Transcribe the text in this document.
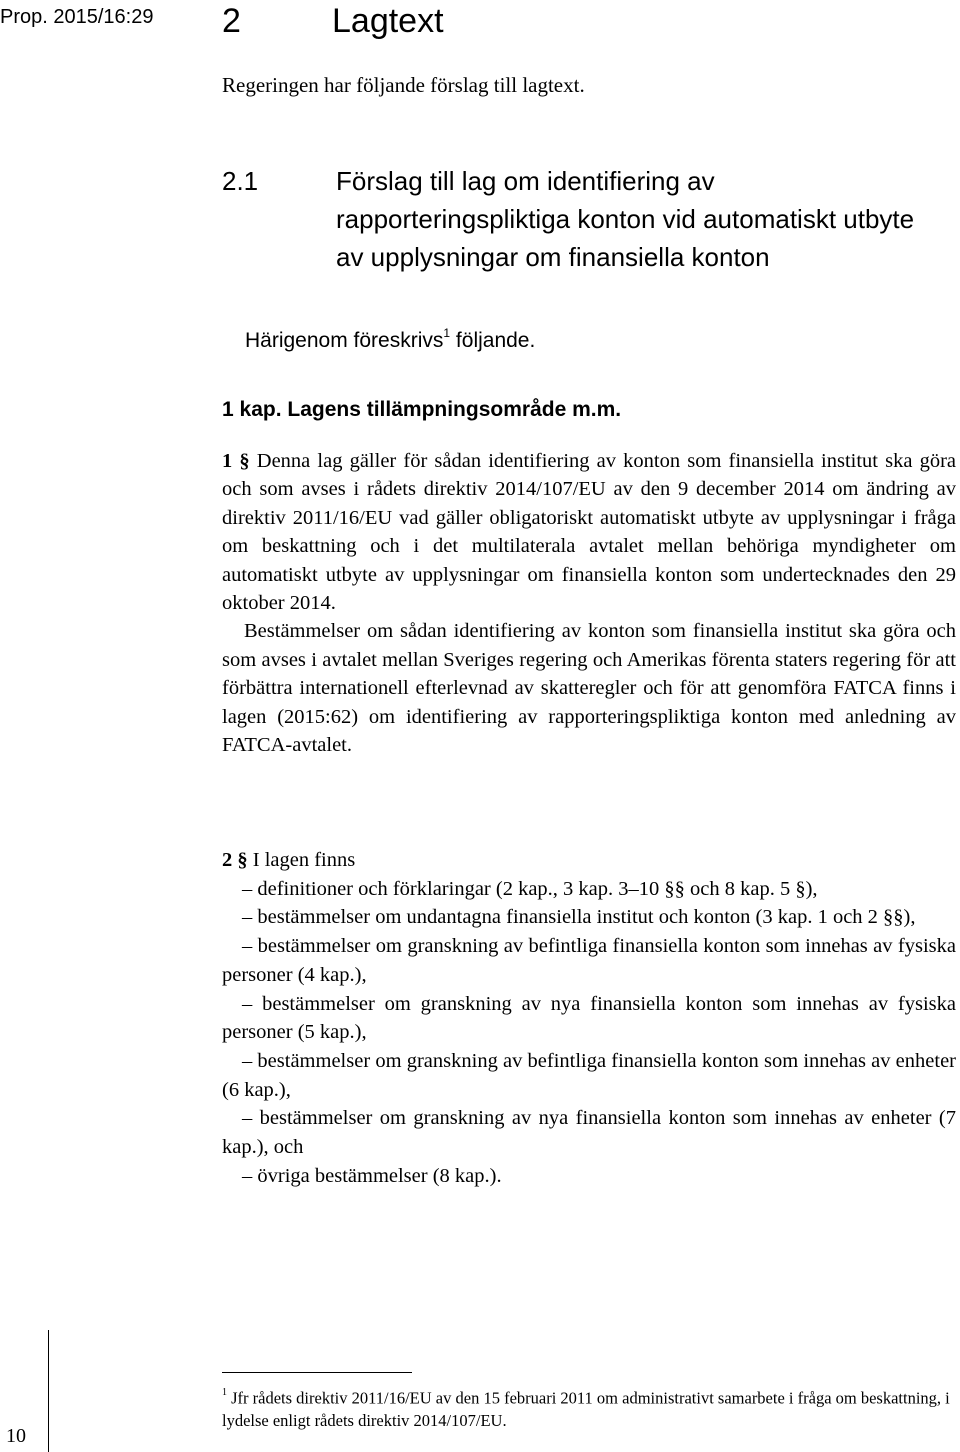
Prop. 2015/16:29	2	Lagtext
Regeringen har följande förslag till lagtext.
2.1	Förslag till lag om identifiering av rapporteringspliktiga konton vid automatiskt utbyte av upplysningar om finansiella konton
Härigenom föreskrivs$^1$ följande.
1 kap. Lagens tillämpningsområde m.m.

1 § Denna lag gäller för sådan identifiering av konton som finansiella institut ska göra och som avses i rådets direktiv 2014/107/EU av den 9 december 2014 om ändring av direktiv 2011/16/EU vad gäller obligatoriskt automatiskt utbyte av upplysningar i fråga om beskattning och i det multilaterala avtalet mellan behöriga myndigheter om automatiskt utbyte av upplysningar om finansiella konton som undertecknades den 29 oktober 2014.

Bestämmelser om sådan identifiering av konton som finansiella institut ska göra och som avses i avtalet mellan Sveriges regering och Amerikas förenta staters regering för att förbättra internationell efterlevnad av skatteregler och för att genomföra FATCA finns i lagen (2015:62) om identifiering av rapporteringspliktiga konton med anledning av FATCA-avtalet.

2 § I lagen finns

– definitioner och förklaringar (2 kap., 3 kap. 3–10 §§ och 8 kap. 5 §),

– bestämmelser om undantagna finansiella institut och konton (3 kap. 1 och 2 §§),

– bestämmelser om granskning av befintliga finansiella konton som innehas av fysiska personer (4 kap.),

– bestämmelser om granskning av nya finansiella konton som innehas av fysiska personer (5 kap.),

– bestämmelser om granskning av befintliga finansiella konton som innehas av enheter (6 kap.),

– bestämmelser om granskning av nya finansiella konton som innehas av enheter (7 kap.), och

– övriga bestämmelser (8 kap.).

$^1$ Jfr rådets direktiv 2011/16/EU av den 15 februari 2011 om administrativt samarbete i fråga om beskattning, i lydelse enligt rådets direktiv 2014/107/EU.
10
